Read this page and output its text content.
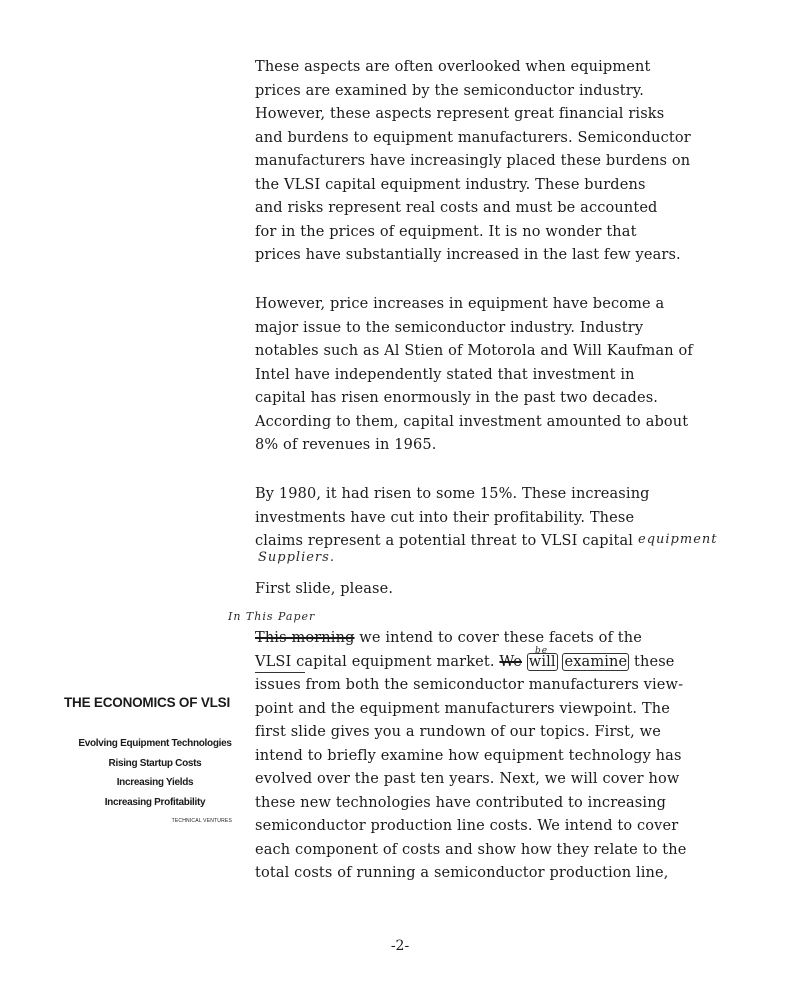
These aspects are often overlooked when equipment
prices are examined by the semiconductor industry.
However, these aspects represent great financial risks
and burdens to equipment manufacturers. Semiconductor
manufacturers have increasingly placed these burdens on
the VLSI capital equipment industry. These burdens
and risks represent real costs and must be accounted
for in the prices of equipment. It is no wonder that
prices have substantially increased in the last few years.
However, price increases in equipment have become a
major issue to the semiconductor industry. Industry
notables such as Al Stien of Motorola and Will Kaufman of
Intel have independently stated that investment in
capital has risen enormously in the past two decades.
According to them, capital investment amounted to about
8% of revenues in 1965.
By 1980, it had risen to some 15%. These increasing
investments have cut into their profitability. These
claims represent a potential threat to VLSI capital
First slide, please.
This morning we intend to cover these facets of the
VLSI capital equipment market. We will examine these
issues from both the semiconductor manufacturers view-
point and the equipment manufacturers viewpoint. The
first slide gives you a rundown of our topics. First, we
intend to briefly examine how equipment technology has
evolved over the past ten years. Next, we will cover how
these new technologies have contributed to increasing
semiconductor production line costs. We intend to cover
each component of costs and show how they relate to the
total costs of running a semiconductor production line,
In This Paper
be
equipment
Suppliers.
THE ECONOMICS OF VLSI
Evolving Equipment Technologies
Rising Startup Costs
Increasing Yields
Increasing Profitability
TECHNICAL VENTURES
-2-
